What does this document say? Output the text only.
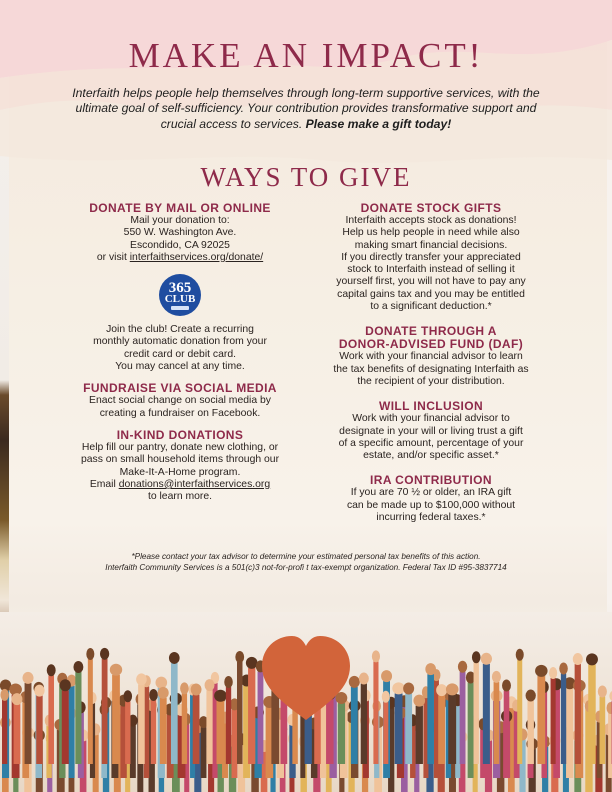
MAKE AN IMPACT!

Interfaith helps people help themselves through long-term supportive services, with the ultimate goal of self-sufficiency. Your contribution provides transformative support and crucial access to services. Please make a gift today!

WAYS TO GIVE

DONATE BY MAIL OR ONLINE

Mail your donation to:

550 W. Washington Ave.

Escondido, CA 92025

or visit interfaithservices.org/donate/

365
CLUB

Join the club! Create a recurring

monthly automatic donation from your

credit card or debit card.

You may cancel at any time.

FUNDRAISE VIA SOCIAL MEDIA

Enact social change on social media by

creating a fundraiser on Facebook.

IN-KIND DONATIONS

Help fill our pantry, donate new clothing, or

pass on small household items through our

Make-It-A-Home program.

Email donations@interfaithservices.org

to learn more.

DONATE STOCK GIFTS

Interfaith accepts stock as donations!

Help us help people in need while also

making smart financial decisions.

If you directly transfer your appreciated

stock to Interfaith instead of selling it

yourself first, you will not have to pay any

capital gains tax and you may be entitled

to a significant deduction.*

DONATE THROUGH A

DONOR-ADVISED FUND (DAF)

Work with your financial advisor to learn

the tax benefits of designating Interfaith as

the recipient of your distribution.

WILL INCLUSION

Work with your financial advisor to

designate in your will or living trust a gift

of a specific amount, percentage of your

estate, and/or specific asset.*

IRA CONTRIBUTION

If you are 70 ½ or older, an IRA gift

can be made up to $100,000 without

incurring federal taxes.*

*Please contact your tax advisor to determine your estimated personal tax benefits of this action.
Interfaith Community Services is a 501(c)3 not-for-profi t tax-exempt organization. Federal Tax ID #95-3837714
